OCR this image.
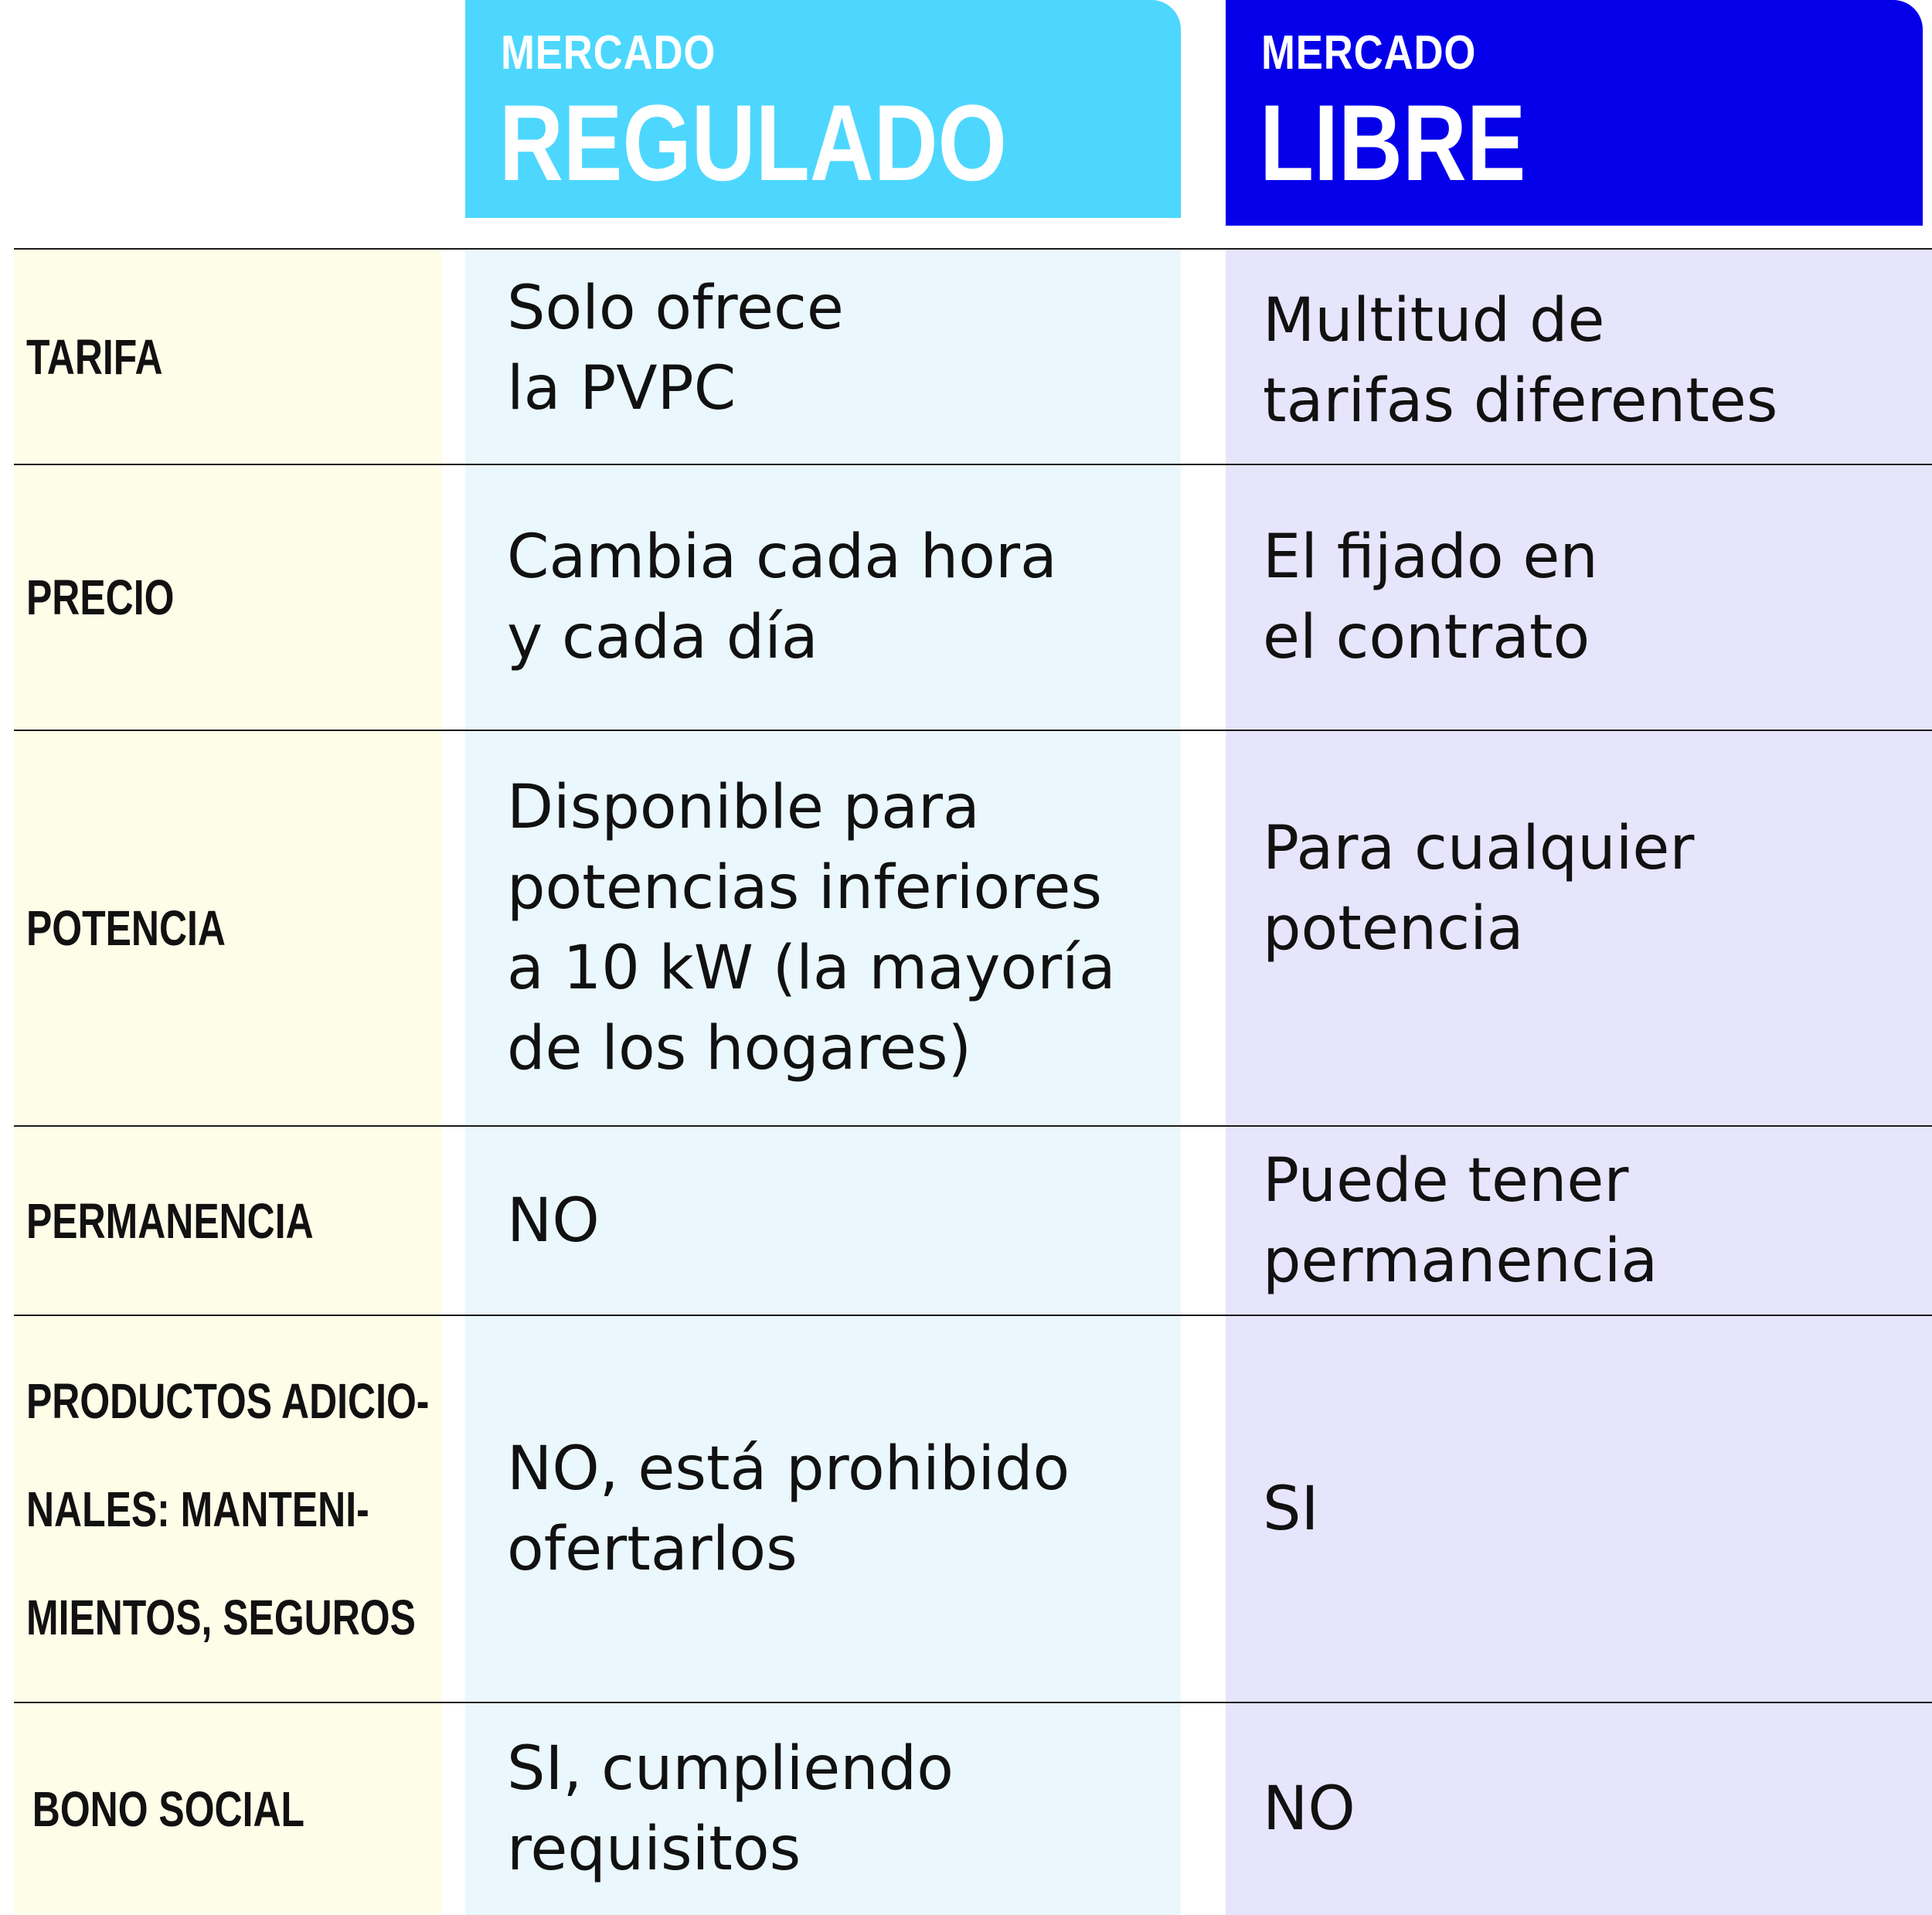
MERCADO
REGULADO
MERCADO
LIBRE
TARIFA
Solo ofrece
la PVPC
Multitud de
tarifas diferentes
PRECIO
Cambia cada hora
y cada día
El fijado en
el contrato
POTENCIA
Disponible para
potencias inferiores
a 10 kW (la mayoría
de los hogares)
Para cualquier
potencia
PERMANENCIA	NO
Puede tener
permanencia
PRODUCTOS ADICIO-
NALES: MANTENI-
MIENTOS, SEGUROS
NO, está prohibido
ofertarlos
SI
BONO SOCIAL
SI, cumpliendo
requisitos
NO
